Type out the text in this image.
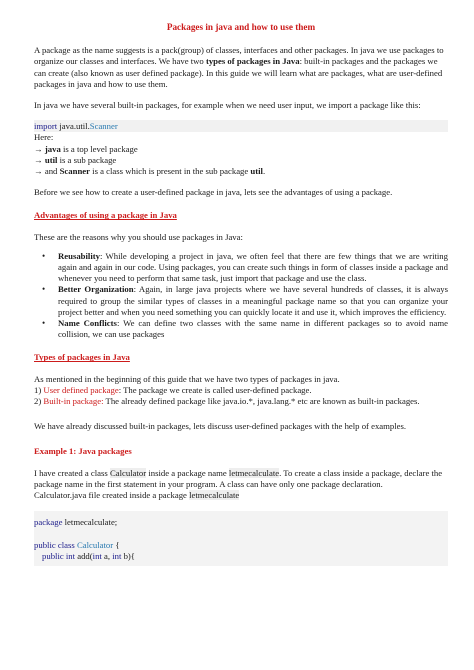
Packages in java and how to use them

A package as the name suggests is a pack(group) of classes, interfaces and other packages. In java we use packages to organize our classes and interfaces. We have two types of packages in Java: built-in packages and the packages we can create (also known as user defined package). In this guide we will learn what are packages, what are user-defined packages in java and how to use them.

In java we have several built-in packages, for example when we need user input, we import a package like this:

import java.util.Scanner

Here:

→ java is a top level package

→ util is a sub package

→ and Scanner is a class which is present in the sub package util.

Before we see how to create a user-defined package in java, lets see the advantages of using a package.

Advantages of using a package in Java

These are the reasons why you should use packages in Java:

• Reusability: While developing a project in java, we often feel that there are few things that we are writing again and again in our code. Using packages, you can create such things in form of classes inside a package and whenever you need to perform that same task, just import that package and use the class.
• Better Organization: Again, in large java projects where we have several hundreds of classes, it is always required to group the similar types of classes in a meaningful package name so that you can organize your project better and when you need something you can quickly locate it and use it, which improves the efficiency.
• Name Conflicts: We can define two classes with the same name in different packages so to avoid name collision, we can use packages
Types of packages in Java

As mentioned in the beginning of this guide that we have two types of packages in java.

1) User defined package: The package we create is called user-defined package.

2) Built-in package: The already defined package like java.io.*, java.lang.* etc are known as built-in packages.

We have already discussed built-in packages, lets discuss user-defined packages with the help of examples.

Example 1: Java packages

I have created a class Calculator inside a package name letmecalculate. To create a class inside a package, declare the package name in the first statement in your program. A class can have only one package declaration.

Calculator.java file created inside a package letmecalculate

package letmecalculate;
public class Calculator {
public int add(int a, int b){
